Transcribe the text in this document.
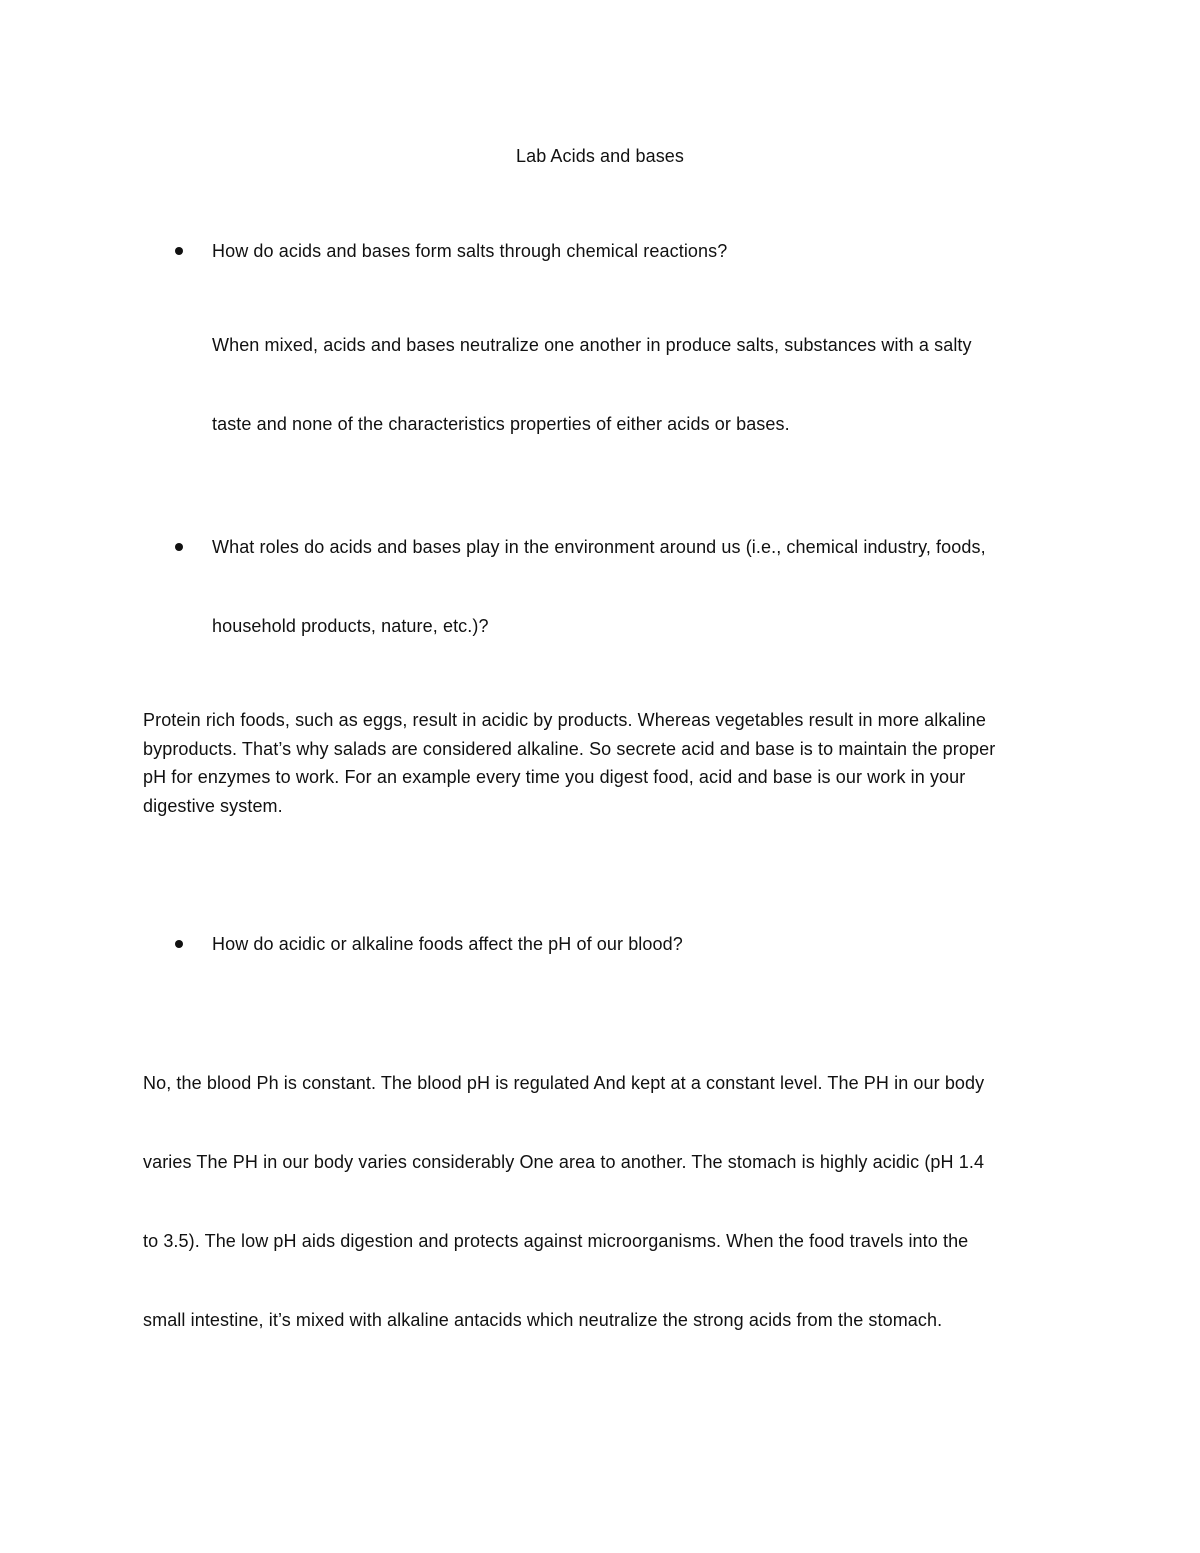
Lab Acids and bases
How do acids and bases form salts through chemical reactions?
When mixed, acids and bases neutralize one another in produce salts, substances with a salty
taste and none of the characteristics properties of either acids or bases.
What roles do acids and bases play in the environment around us (i.e., chemical industry, foods,
household products, nature, etc.)?
Protein rich foods, such as eggs, result in acidic by products. Whereas vegetables result in more alkaline
byproducts. That’s why salads are considered alkaline. So secrete acid and base is to maintain the proper
pH for enzymes to work. For an example every time you digest food, acid and base is our work in your
digestive system.
How do acidic or alkaline foods affect the pH of our blood?
No, the blood Ph is constant. The blood pH is regulated And kept at a constant level. The PH in our body
varies The PH in our body varies considerably One area to another. The stomach is highly acidic (pH 1.4
to 3.5). The low pH aids digestion and protects against microorganisms. When the food travels into the
small intestine, it’s mixed with alkaline antacids which neutralize the strong acids from the stomach.
